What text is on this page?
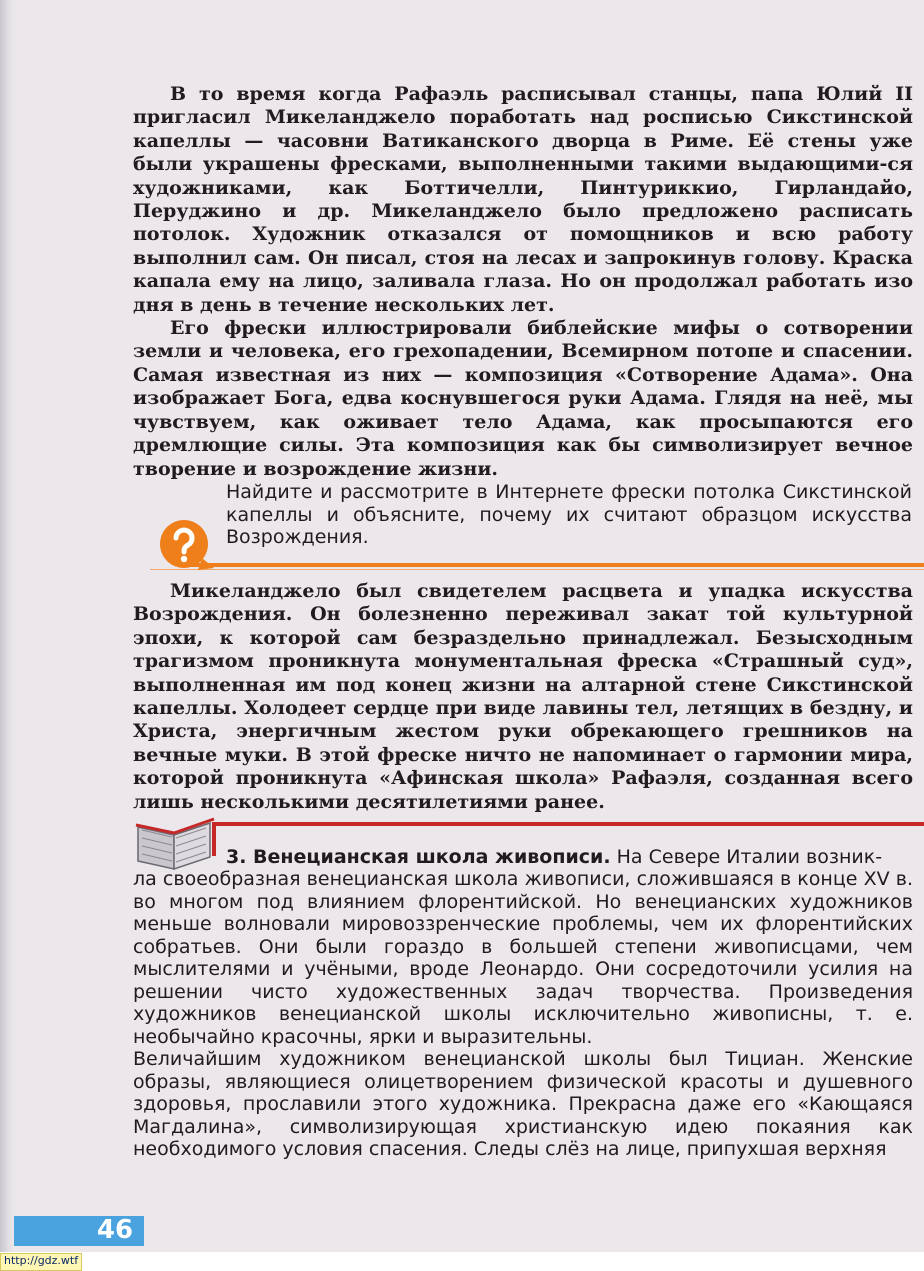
В то время когда Рафаэль расписывал станцы, папа Юлий II пригласил Микеланджело поработать над росписью Сикстинской капеллы — часовни Ватиканского дворца в Риме. Её стены уже были украшены фресками, выполненными такими выдающими-ся художниками, как Боттичелли, Пинтуриккио, Гирландайо, Перуджино и др. Микеланджело было предложено расписать потолок. Художник отказался от помощников и всю работу выполнил сам. Он писал, стоя на лесах и запрокинув голову. Краска капала ему на лицо, заливала глаза. Но он продолжал работать изо дня в день в течение нескольких лет.

Его фрески иллюстрировали библейские мифы о сотворении земли и человека, его грехопадении, Всемирном потопе и спасении. Самая известная из них — композиция «Сотворение Адама». Она изображает Бога, едва коснувшегося руки Адама. Глядя на неё, мы чувствуем, как оживает тело Адама, как просыпаются его дремлющие силы. Эта композиция как бы символизирует вечное творение и возрождение жизни.

Найдите и рассмотрите в Интернете фрески потолка Сикстинской капеллы и объясните, почему их считают образцом искусства Возрождения.

Микеланджело был свидетелем расцвета и упадка искусства Возрождения. Он болезненно переживал закат той культурной эпохи, к которой сам безраздельно принадлежал. Безысходным трагизмом проникнута монументальная фреска «Страшный суд», выполненная им под конец жизни на алтарной стене Сикстинской капеллы. Холодеет сердце при виде лавины тел, летящих в бездну, и Христа, энергичным жестом руки обрекающего грешников на вечные муки. В этой фреске ничто не напоминает о гармонии мира, которой проникнута «Афинская школа» Рафаэля, созданная всего лишь несколькими десятилетиями ранее.

3. Венецианская школа живописи. На Севере Италии возник-

ла своеобразная венецианская школа живописи, сложившаяся в конце XV в. во многом под влиянием флорентийской. Но венецианских художников меньше волновали мировоззренческие проблемы, чем их флорентийских собратьев. Они были гораздо в большей степени живописцами, чем мыслителями и учёными, вроде Леонардо. Они сосредоточили усилия на решении чисто художественных задач творчества. Произведения художников венецианской школы исключительно живописны, т. е. необычайно красочны, ярки и выразительны.

Величайшим художником венецианской школы был Тициан. Женские образы, являющиеся олицетворением физической красоты и душевного здоровья, прославили этого художника. Прекрасна даже его «Кающаяся Магдалина», символизирующая христианскую идею покаяния как необходимого условия спасения. Следы слёз на лице, припухшая верхняя

46
http://gdz.wtf
